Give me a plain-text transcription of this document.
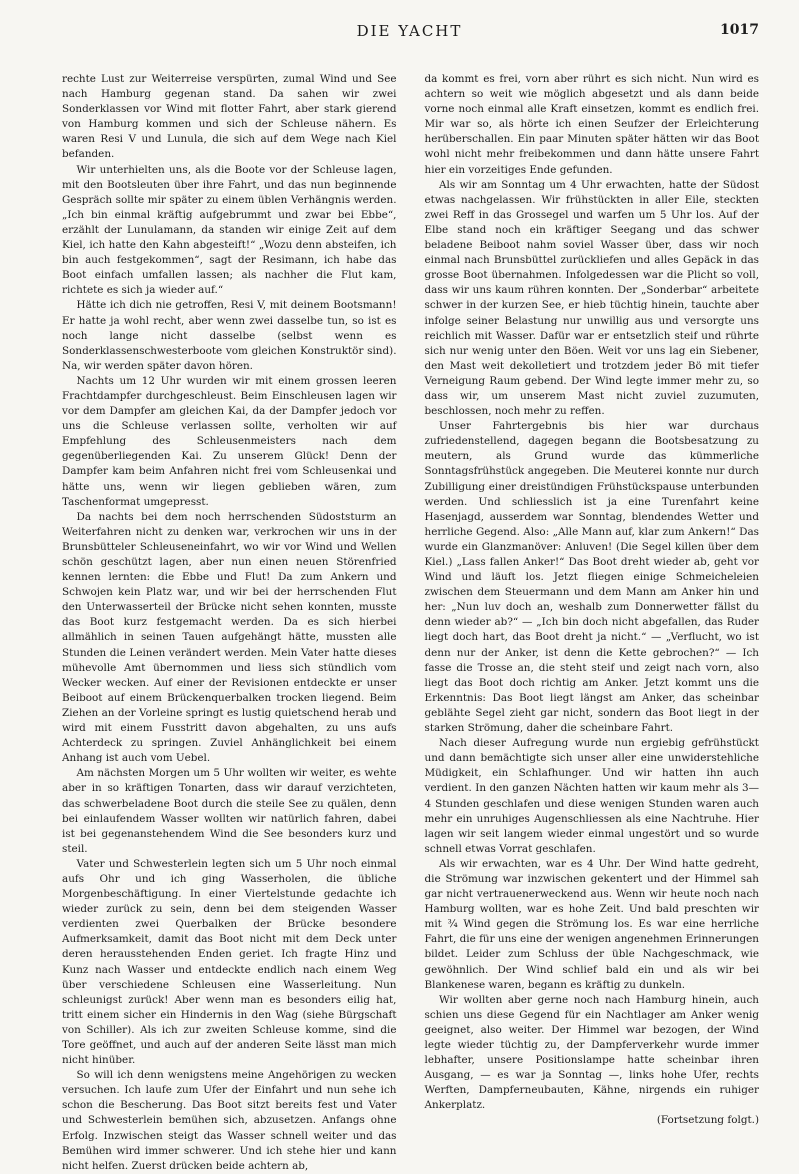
DIE YACHT	1017

rechte Lust zur Weiterreise verspürten, zumal Wind und See nach Hamburg gegenan stand. Da sahen wir zwei Sonderklassen vor Wind mit flotter Fahrt, aber stark gierend von Hamburg kommen und sich der Schleuse nähern. Es waren Resi V und Lunula, die sich auf dem Wege nach Kiel befanden.

Wir unterhielten uns, als die Boote vor der Schleuse lagen, mit den Bootsleuten über ihre Fahrt, und das nun beginnende Gespräch sollte mir später zu einem üblen Verhängnis werden. „Ich bin einmal kräftig aufgebrummt und zwar bei Ebbe“, erzählt der Lunulamann, da standen wir einige Zeit auf dem Kiel, ich hatte den Kahn abgesteift!“ „Wozu denn absteifen, ich bin auch festgekommen“, sagt der Resimann, ich habe das Boot einfach umfallen lassen; als nachher die Flut kam, richtete es sich ja wieder auf.“

Hätte ich dich nie getroffen, Resi V, mit deinem Bootsmann! Er hatte ja wohl recht, aber wenn zwei dasselbe tun, so ist es noch lange nicht dasselbe (selbst wenn es Sonderklassenschwesterboote vom gleichen Konstruktör sind). Na, wir werden später davon hören.

Nachts um 12 Uhr wurden wir mit einem grossen leeren Frachtdampfer durchgeschleust. Beim Einschleusen lagen wir vor dem Dampfer am gleichen Kai, da der Dampfer jedoch vor uns die Schleuse verlassen sollte, verholten wir auf Empfehlung des Schleusenmeisters nach dem gegenüberliegenden Kai. Zu unserem Glück! Denn der Dampfer kam beim Anfahren nicht frei vom Schleusenkai und hätte uns, wenn wir liegen geblieben wären, zum Taschenformat umgepresst.

Da nachts bei dem noch herrschenden Südoststurm an Weiterfahren nicht zu denken war, verkrochen wir uns in der Brunsbütteler Schleuseneinfahrt, wo wir vor Wind und Wellen schön geschützt lagen, aber nun einen neuen Störenfried kennen lernten: die Ebbe und Flut! Da zum Ankern und Schwojen kein Platz war, und wir bei der herrschenden Flut den Unterwasserteil der Brücke nicht sehen konnten, musste das Boot kurz festgemacht werden. Da es sich hierbei allmählich in seinen Tauen aufgehängt hätte, mussten alle Stunden die Leinen verändert werden. Mein Vater hatte dieses mühevolle Amt übernommen und liess sich stündlich vom Wecker wecken. Auf einer der Revisionen entdeckte er unser Beiboot auf einem Brückenquerbalken trocken liegend. Beim Ziehen an der Vorleine springt es lustig quietschend herab und wird mit einem Fusstritt davon abgehalten, zu uns aufs Achterdeck zu springen. Zuviel Anhänglichkeit bei einem Anhang ist auch vom Uebel.

Am nächsten Morgen um 5 Uhr wollten wir weiter, es wehte aber in so kräftigen Tonarten, dass wir darauf verzichteten, das schwerbeladene Boot durch die steile See zu quälen, denn bei einlaufendem Wasser wollten wir natürlich fahren, dabei ist bei gegenanstehendem Wind die See besonders kurz und steil.

Vater und Schwesterlein legten sich um 5 Uhr noch einmal aufs Ohr und ich ging Wasserholen, die übliche Morgenbeschäftigung. In einer Viertelstunde gedachte ich wieder zurück zu sein, denn bei dem steigenden Wasser verdienten zwei Querbalken der Brücke besondere Aufmerksamkeit, damit das Boot nicht mit dem Deck unter deren herausstehenden Enden geriet. Ich fragte Hinz und Kunz nach Wasser und entdeckte endlich nach einem Weg über verschiedene Schleusen eine Wasserleitung. Nun schleunigst zurück! Aber wenn man es besonders eilig hat, tritt einem sicher ein Hindernis in den Wag (siehe Bürgschaft von Schiller). Als ich zur zweiten Schleuse komme, sind die Tore geöffnet, und auch auf der anderen Seite lässt man mich nicht hinüber.

So will ich denn wenigstens meine Angehörigen zu wecken versuchen. Ich laufe zum Ufer der Einfahrt und nun sehe ich schon die Bescherung. Das Boot sitzt bereits fest und Vater und Schwesterlein bemühen sich, abzusetzen. Anfangs ohne Erfolg. Inzwischen steigt das Wasser schnell weiter und das Bemühen wird immer schwerer. Und ich stehe hier und kann nicht helfen. Zuerst drücken beide achtern ab,

da kommt es frei, vorn aber rührt es sich nicht. Nun wird es achtern so weit wie möglich abgesetzt und als dann beide vorne noch einmal alle Kraft einsetzen, kommt es endlich frei. Mir war so, als hörte ich einen Seufzer der Erleichterung herüberschallen. Ein paar Minuten später hätten wir das Boot wohl nicht mehr freibekommen und dann hätte unsere Fahrt hier ein vorzeitiges Ende gefunden.

Als wir am Sonntag um 4 Uhr erwachten, hatte der Südost etwas nachgelassen. Wir frühstückten in aller Eile, steckten zwei Reff in das Grossegel und warfen um 5 Uhr los. Auf der Elbe stand noch ein kräftiger Seegang und das schwer beladene Beiboot nahm soviel Wasser über, dass wir noch einmal nach Brunsbüttel zurückliefen und alles Gepäck in das grosse Boot übernahmen. Infolgedessen war die Plicht so voll, dass wir uns kaum rühren konnten. Der „Sonderbar“ arbeitete schwer in der kurzen See, er hieb tüchtig hinein, tauchte aber infolge seiner Belastung nur unwillig aus und versorgte uns reichlich mit Wasser. Dafür war er entsetzlich steif und rührte sich nur wenig unter den Böen. Weit vor uns lag ein Siebener, den Mast weit dekolletiert und trotzdem jeder Bö mit tiefer Verneigung Raum gebend. Der Wind legte immer mehr zu, so dass wir, um unserem Mast nicht zuviel zuzumuten, beschlossen, noch mehr zu reffen.

Unser Fahrtergebnis bis hier war durchaus zufriedenstellend, dagegen begann die Bootsbesatzung zu meutern, als Grund wurde das kümmerliche Sonntagsfrühstück angegeben. Die Meuterei konnte nur durch Zubilligung einer dreistündigen Frühstückspause unterbunden werden. Und schliesslich ist ja eine Turenfahrt keine Hasenjagd, ausserdem war Sonntag, blendendes Wetter und herrliche Gegend. Also: „Alle Mann auf, klar zum Ankern!“ Das wurde ein Glanzmanöver: Anluven! (Die Segel killen über dem Kiel.) „Lass fallen Anker!“ Das Boot dreht wieder ab, geht vor Wind und läuft los. Jetzt fliegen einige Schmeicheleien zwischen dem Steuermann und dem Mann am Anker hin und her: „Nun luv doch an, weshalb zum Donnerwetter fällst du denn wieder ab?“ — „Ich bin doch nicht abgefallen, das Ruder liegt doch hart, das Boot dreht ja nicht.“ — „Verflucht, wo ist denn nur der Anker, ist denn die Kette gebrochen?“ — Ich fasse die Trosse an, die steht steif und zeigt nach vorn, also liegt das Boot doch richtig am Anker. Jetzt kommt uns die Erkenntnis: Das Boot liegt längst am Anker, das scheinbar geblähte Segel zieht gar nicht, sondern das Boot liegt in der starken Strömung, daher die scheinbare Fahrt.

Nach dieser Aufregung wurde nun ergiebig gefrühstückt und dann bemächtigte sich unser aller eine unwiderstehliche Müdigkeit, ein Schlafhunger. Und wir hatten ihn auch verdient. In den ganzen Nächten hatten wir kaum mehr als 3—4 Stunden geschlafen und diese wenigen Stunden waren auch mehr ein unruhiges Augenschliessen als eine Nachtruhe. Hier lagen wir seit langem wieder einmal ungestört und so wurde schnell etwas Vorrat geschlafen.

Als wir erwachten, war es 4 Uhr. Der Wind hatte gedreht, die Strömung war inzwischen gekentert und der Himmel sah gar nicht vertrauenerweckend aus. Wenn wir heute noch nach Hamburg wollten, war es hohe Zeit. Und bald preschten wir mit ¾ Wind gegen die Strömung los. Es war eine herrliche Fahrt, die für uns eine der wenigen angenehmen Erinnerungen bildet. Leider zum Schluss der üble Nachgeschmack, wie gewöhnlich. Der Wind schlief bald ein und als wir bei Blankenese waren, begann es kräftig zu dunkeln.

Wir wollten aber gerne noch nach Hamburg hinein, auch schien uns diese Gegend für ein Nachtlager am Anker wenig geeignet, also weiter. Der Himmel war bezogen, der Wind legte wieder tüchtig zu, der Dampferverkehr wurde immer lebhafter, unsere Positionslampe hatte scheinbar ihren Ausgang, — es war ja Sonntag —, links hohe Ufer, rechts Werften, Dampferneubauten, Kähne, nirgends ein ruhiger Ankerplatz.

(Fortsetzung folgt.)
